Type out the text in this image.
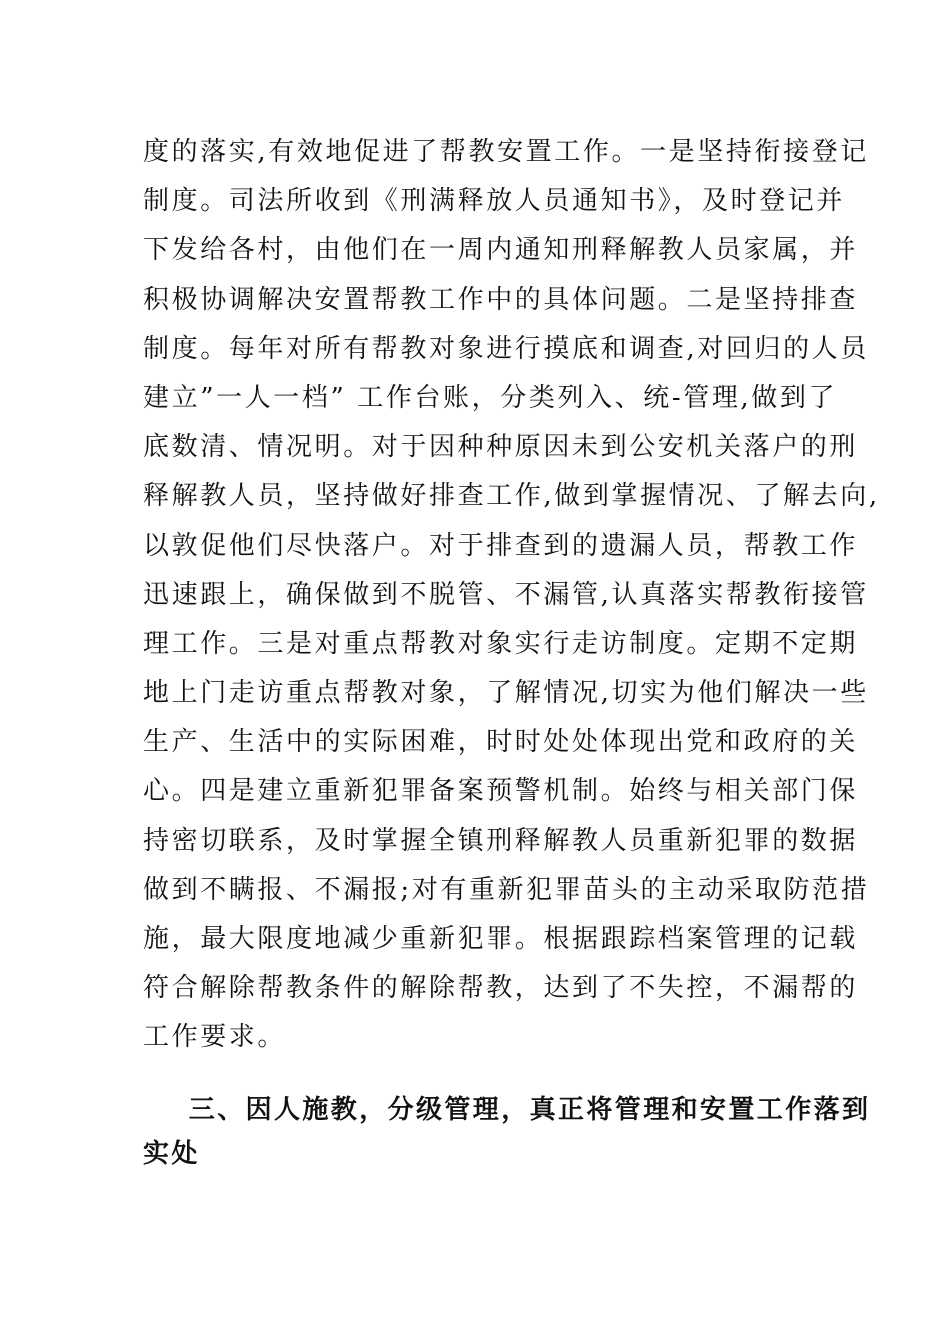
度的落实,有效地促进了帮教安置工作。一是坚持衔接登记
制度。司法所收到《刑满释放人员通知书》，及时登记并
下发给各村，由他们在一周内通知刑释解教人员家属，并
积极协调解决安置帮教工作中的具体问题。二是坚持排查
制度。每年对所有帮教对象进行摸底和调查,对回归的人员
建立”一人一档” 工作台账，分类列入、统-管理,做到了
底数清、情况明。对于因种种原因未到公安机关落户的刑
释解教人员，坚持做好排查工作,做到掌握情况、了解去向,
以敦促他们尽快落户。对于排查到的遗漏人员，帮教工作
迅速跟上，确保做到不脱管、不漏管,认真落实帮教衔接管
理工作。三是对重点帮教对象实行走访制度。定期不定期
地上门走访重点帮教对象，了解情况,切实为他们解决一些
生产、生活中的实际困难，时时处处体现出党和政府的关
心。四是建立重新犯罪备案预警机制。始终与相关部门保
持密切联系，及时掌握全镇刑释解教人员重新犯罪的数据
做到不瞒报、不漏报;对有重新犯罪苗头的主动采取防范措
施，最大限度地减少重新犯罪。根据跟踪档案管理的记载
符合解除帮教条件的解除帮教，达到了不失控，不漏帮的
工作要求。
三、因人施教，分级管理，真正将管理和安置工作落到
实处
